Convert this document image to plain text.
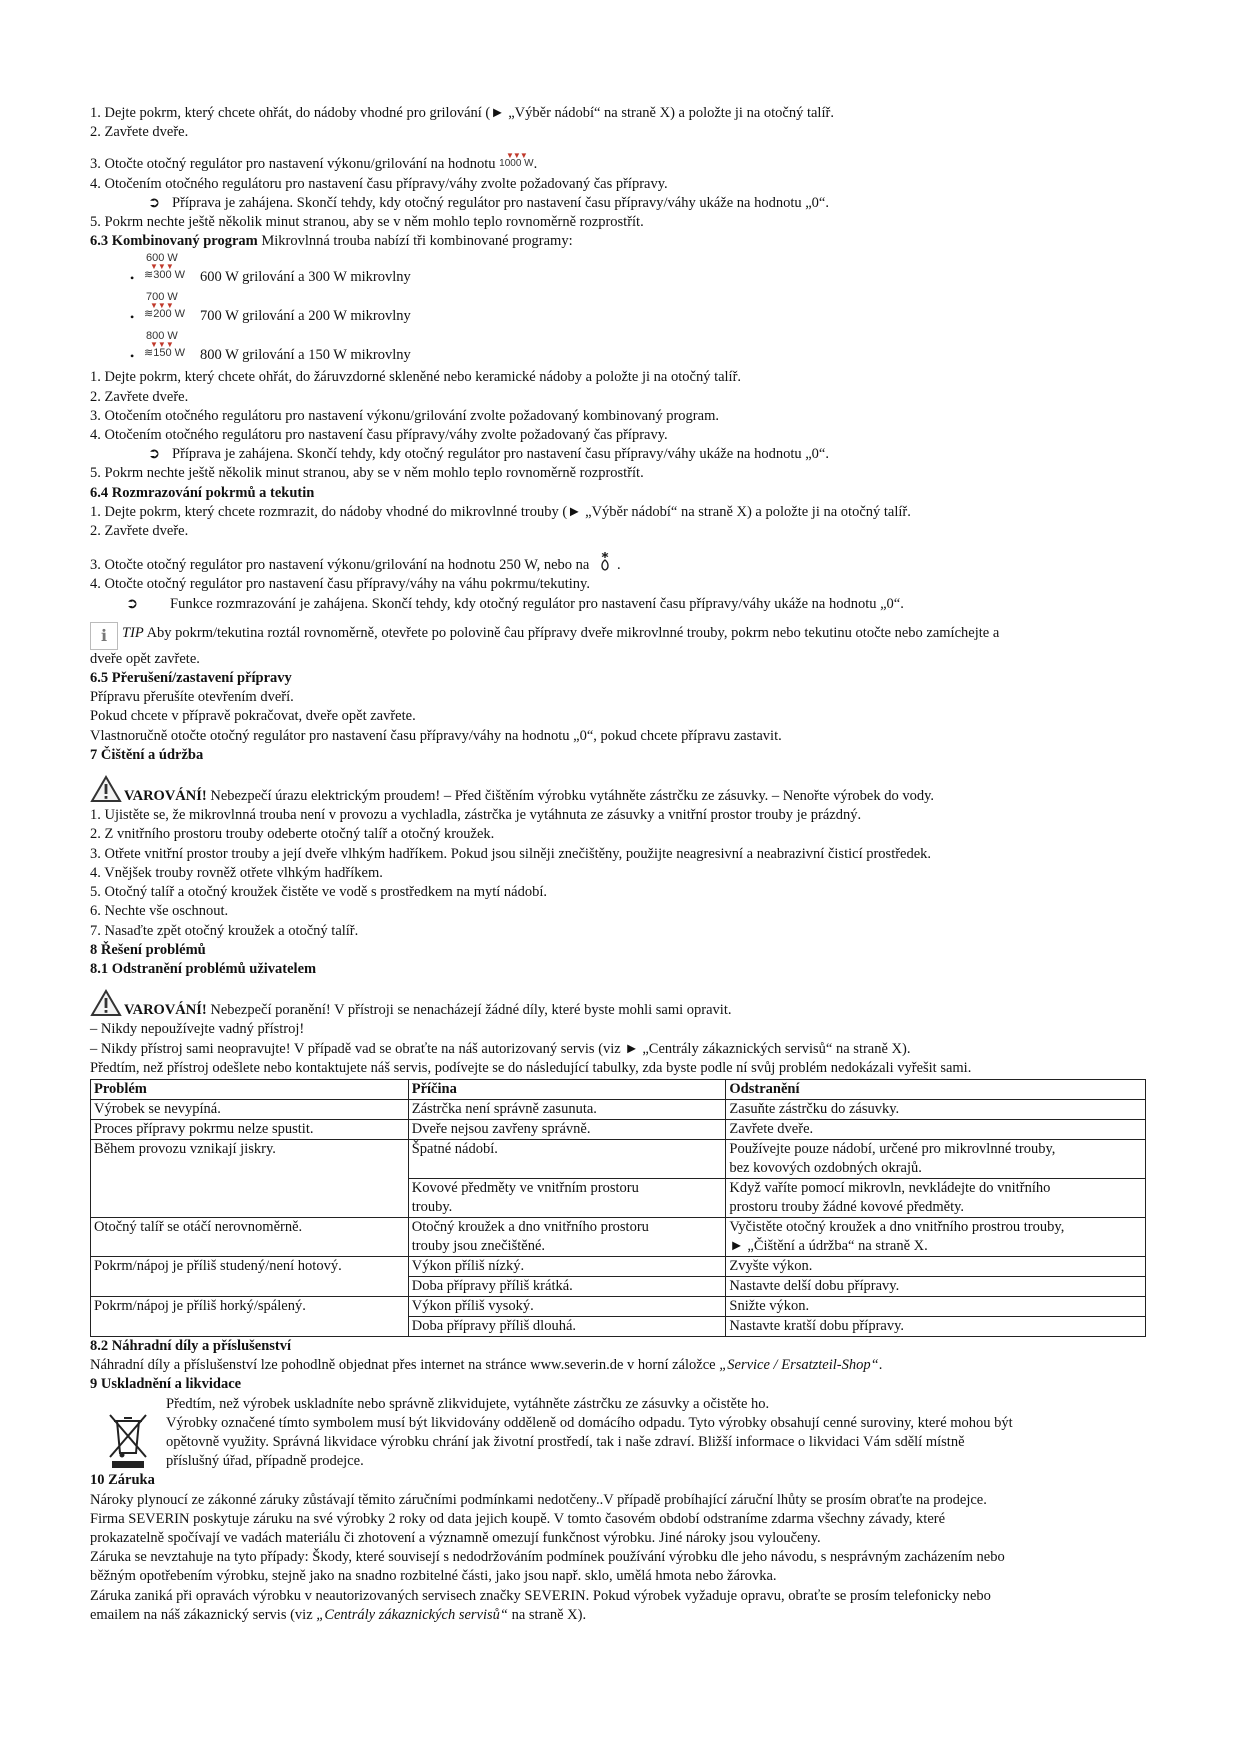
1. Dejte pokrm, který chcete ohřát, do nádoby vhodné pro grilování (► „Výběr nádobí“ na straně X) a položte ji na otočný talíř.
2. Zavřete dveře.
3. Otočte otočný regulátor pro nastavení výkonu/grilování na hodnotu
▼▼▼
1000 W .
4. Otočením otočného regulátoru pro nastavení času přípravy/váhy zvolte požadovaný čas přípravy.
➲ Příprava je zahájena. Skončí tehdy, kdy otočný regulátor pro nastavení času přípravy/váhy ukáže na hodnotu „0“.
5. Pokrm nechte ještě několik minut stranou, aby se v něm mohlo teplo rovnoměrně rozprostřít.
6.3 Kombinovaný program Mikrovlnná trouba nabízí tři kombinované programy:
•
600 W
▼▼▼
≋300 W	600 W grilování a 300 W mikrovlny
•
700 W
▼▼▼
≋200 W	700 W grilování a 200 W mikrovlny
•
800 W
▼▼▼
≋150 W	800 W grilování a 150 W mikrovlny
1. Dejte pokrm, který chcete ohřát, do žáruvzdorné skleněné nebo keramické nádoby a položte ji na otočný talíř.
2. Zavřete dveře.
3. Otočením otočného regulátoru pro nastavení výkonu/grilování zvolte požadovaný kombinovaný program.
4. Otočením otočného regulátoru pro nastavení času přípravy/váhy zvolte požadovaný čas přípravy.
➲ Příprava je zahájena. Skončí tehdy, kdy otočný regulátor pro nastavení času přípravy/váhy ukáže na hodnotu „0“.
5. Pokrm nechte ještě několik minut stranou, aby se v něm mohlo teplo rovnoměrně rozprostřít.
6.4 Rozmrazování pokrmů a tekutin
1. Dejte pokrm, který chcete rozmrazit, do nádoby vhodné do mikrovlnné trouby (► „Výběr nádobí“ na straně X) a položte ji na otočný talíř.
2. Zavřete dveře.
3. Otočte otočný regulátor pro nastavení výkonu/grilování na hodnotu 250 W, nebo na .
4. Otočte otočný regulátor pro nastavení času přípravy/váhy na váhu pokrmu/tekutiny.
➲ Funkce rozmrazování je zahájena. Skončí tehdy, kdy otočný regulátor pro nastavení času přípravy/váhy ukáže na hodnotu „0“.
ℹ TIP Aby pokrm/tekutina roztál rovnoměrně, otevřete po polovině ĉau přípravy dveře mikrovlnné trouby, pokrm nebo tekutinu otočte nebo zamíchejte a
dveře opět zavřete.
6.5 Přerušení/zastavení přípravy
Přípravu přerušíte otevřením dveří.
Pokud chcete v přípravě pokračovat, dveře opět zavřete.
Vlastnoručně otočte otočný regulátor pro nastavení času přípravy/váhy na hodnotu „0“, pokud chcete přípravu zastavit.
7 Čištění a údržba
VAROVÁNÍ! Nebezpečí úrazu elektrickým proudem! – Před čištěním výrobku vytáhněte zástrčku ze zásuvky. – Nenořte výrobek do vody.
1. Ujistěte se, že mikrovlnná trouba není v provozu a vychladla, zástrčka je vytáhnuta ze zásuvky a vnitřní prostor trouby je prázdný.
2. Z vnitřního prostoru trouby odeberte otočný talíř a otočný kroužek.
3. Otřete vnitřní prostor trouby a její dveře vlhkým hadříkem. Pokud jsou silněji znečištěny, použijte neagresivní a neabrazivní čisticí prostředek.
4. Vnějšek trouby rovněž otřete vlhkým hadříkem.
5. Otočný talíř a otočný kroužek čistěte ve vodě s prostředkem na mytí nádobí.
6. Nechte vše oschnout.
7. Nasaďte zpět otočný kroužek a otočný talíř.
8 Řešení problémů
8.1 Odstranění problémů uživatelem
VAROVÁNÍ! Nebezpečí poranění! V přístroji se nenacházejí žádné díly, které byste mohli sami opravit.
– Nikdy nepoužívejte vadný přístroj!
– Nikdy přístroj sami neopravujte! V případě vad se obraťte na náš autorizovaný servis (viz ► „Centrály zákaznických servisů“ na straně X).
Předtím, než přístroj odešlete nebo kontaktujete náš servis, podívejte se do následující tabulky, zda byste podle ní svůj problém nedokázali vyřešit sami.
Problém	Příčina	Odstranění
Výrobek se nevypíná.	Zástrčka není správně zasunuta.	Zasuňte zástrčku do zásuvky.
Proces přípravy pokrmu nelze spustit.	Dveře nejsou zavřeny správně.	Zavřete dveře.
Během provozu vznikají jiskry.	Špatné nádobí.	Používejte pouze nádobí, určené pro mikrovlnné trouby,
bez kovových ozdobných okrajů.
	Kovové předměty ve vnitřním prostoru
trouby.	Když vaříte pomocí mikrovln, nevkládejte do vnitřního
prostoru trouby žádné kovové předměty.
Otočný talíř se otáčí nerovnoměrně.	Otočný kroužek a dno vnitřního prostoru
trouby jsou znečištěné.	Vyčistěte otočný kroužek a dno vnitřního prostrou trouby,
► „Čištění a údržba“ na straně X.
Pokrm/nápoj je příliš studený/není hotový.	Výkon příliš nízký.	Zvyšte výkon.
	Doba přípravy příliš krátká.	Nastavte delší dobu přípravy.
Pokrm/nápoj je příliš horký/spálený.	Výkon příliš vysoký.	Snižte výkon.
	Doba přípravy příliš dlouhá.	Nastavte kratší dobu přípravy.
8.2 Náhradní díly a příslušenství
Náhradní díly a příslušenství lze pohodlně objednat přes internet na stránce www.severin.de v horní záložce „Service / Ersatzteil-Shop“.
9 Uskladnění a likvidace
Předtím, než výrobek uskladníte nebo správně zlikvidujete, vytáhněte zástrčku ze zásuvky a očistěte ho.
Výrobky označené tímto symbolem musí být likvidovány odděleně od domácího odpadu. Tyto výrobky obsahují cenné suroviny, které mohou být
opětovně využity. Správná likvidace výrobku chrání jak životní prostředí, tak i naše zdraví. Bližší informace o likvidaci Vám sdělí místně
příslušný úřad, případně prodejce.
10 Záruka
Nároky plynoucí ze zákonné záruky zůstávají těmito záručními podmínkami nedotčeny..V případě probíhající záruční lhůty se prosím obraťte na prodejce.
Firma SEVERIN poskytuje záruku na své výrobky 2 roky od data jejich koupě. V tomto časovém období odstraníme zdarma všechny závady, které
prokazatelně spočívají ve vadách materiálu či zhotovení a významně omezují funkčnost výrobku. Jiné nároky jsou vyloučeny.
Záruka se nevztahuje na tyto případy: Škody, které souvisejí s nedodržováním podmínek používání výrobku dle jeho návodu, s nesprávným zacházením nebo
běžným opotřebením výrobku, stejně jako na snadno rozbitelné části, jako jsou např. sklo, umělá hmota nebo žárovka.
Záruka zaniká při opravách výrobku v neautorizovaných servisech značky SEVERIN. Pokud výrobek vyžaduje opravu, obraťte se prosím telefonicky nebo
emailem na náš zákaznický servis (viz „Centrály zákaznických servisů“ na straně X).
